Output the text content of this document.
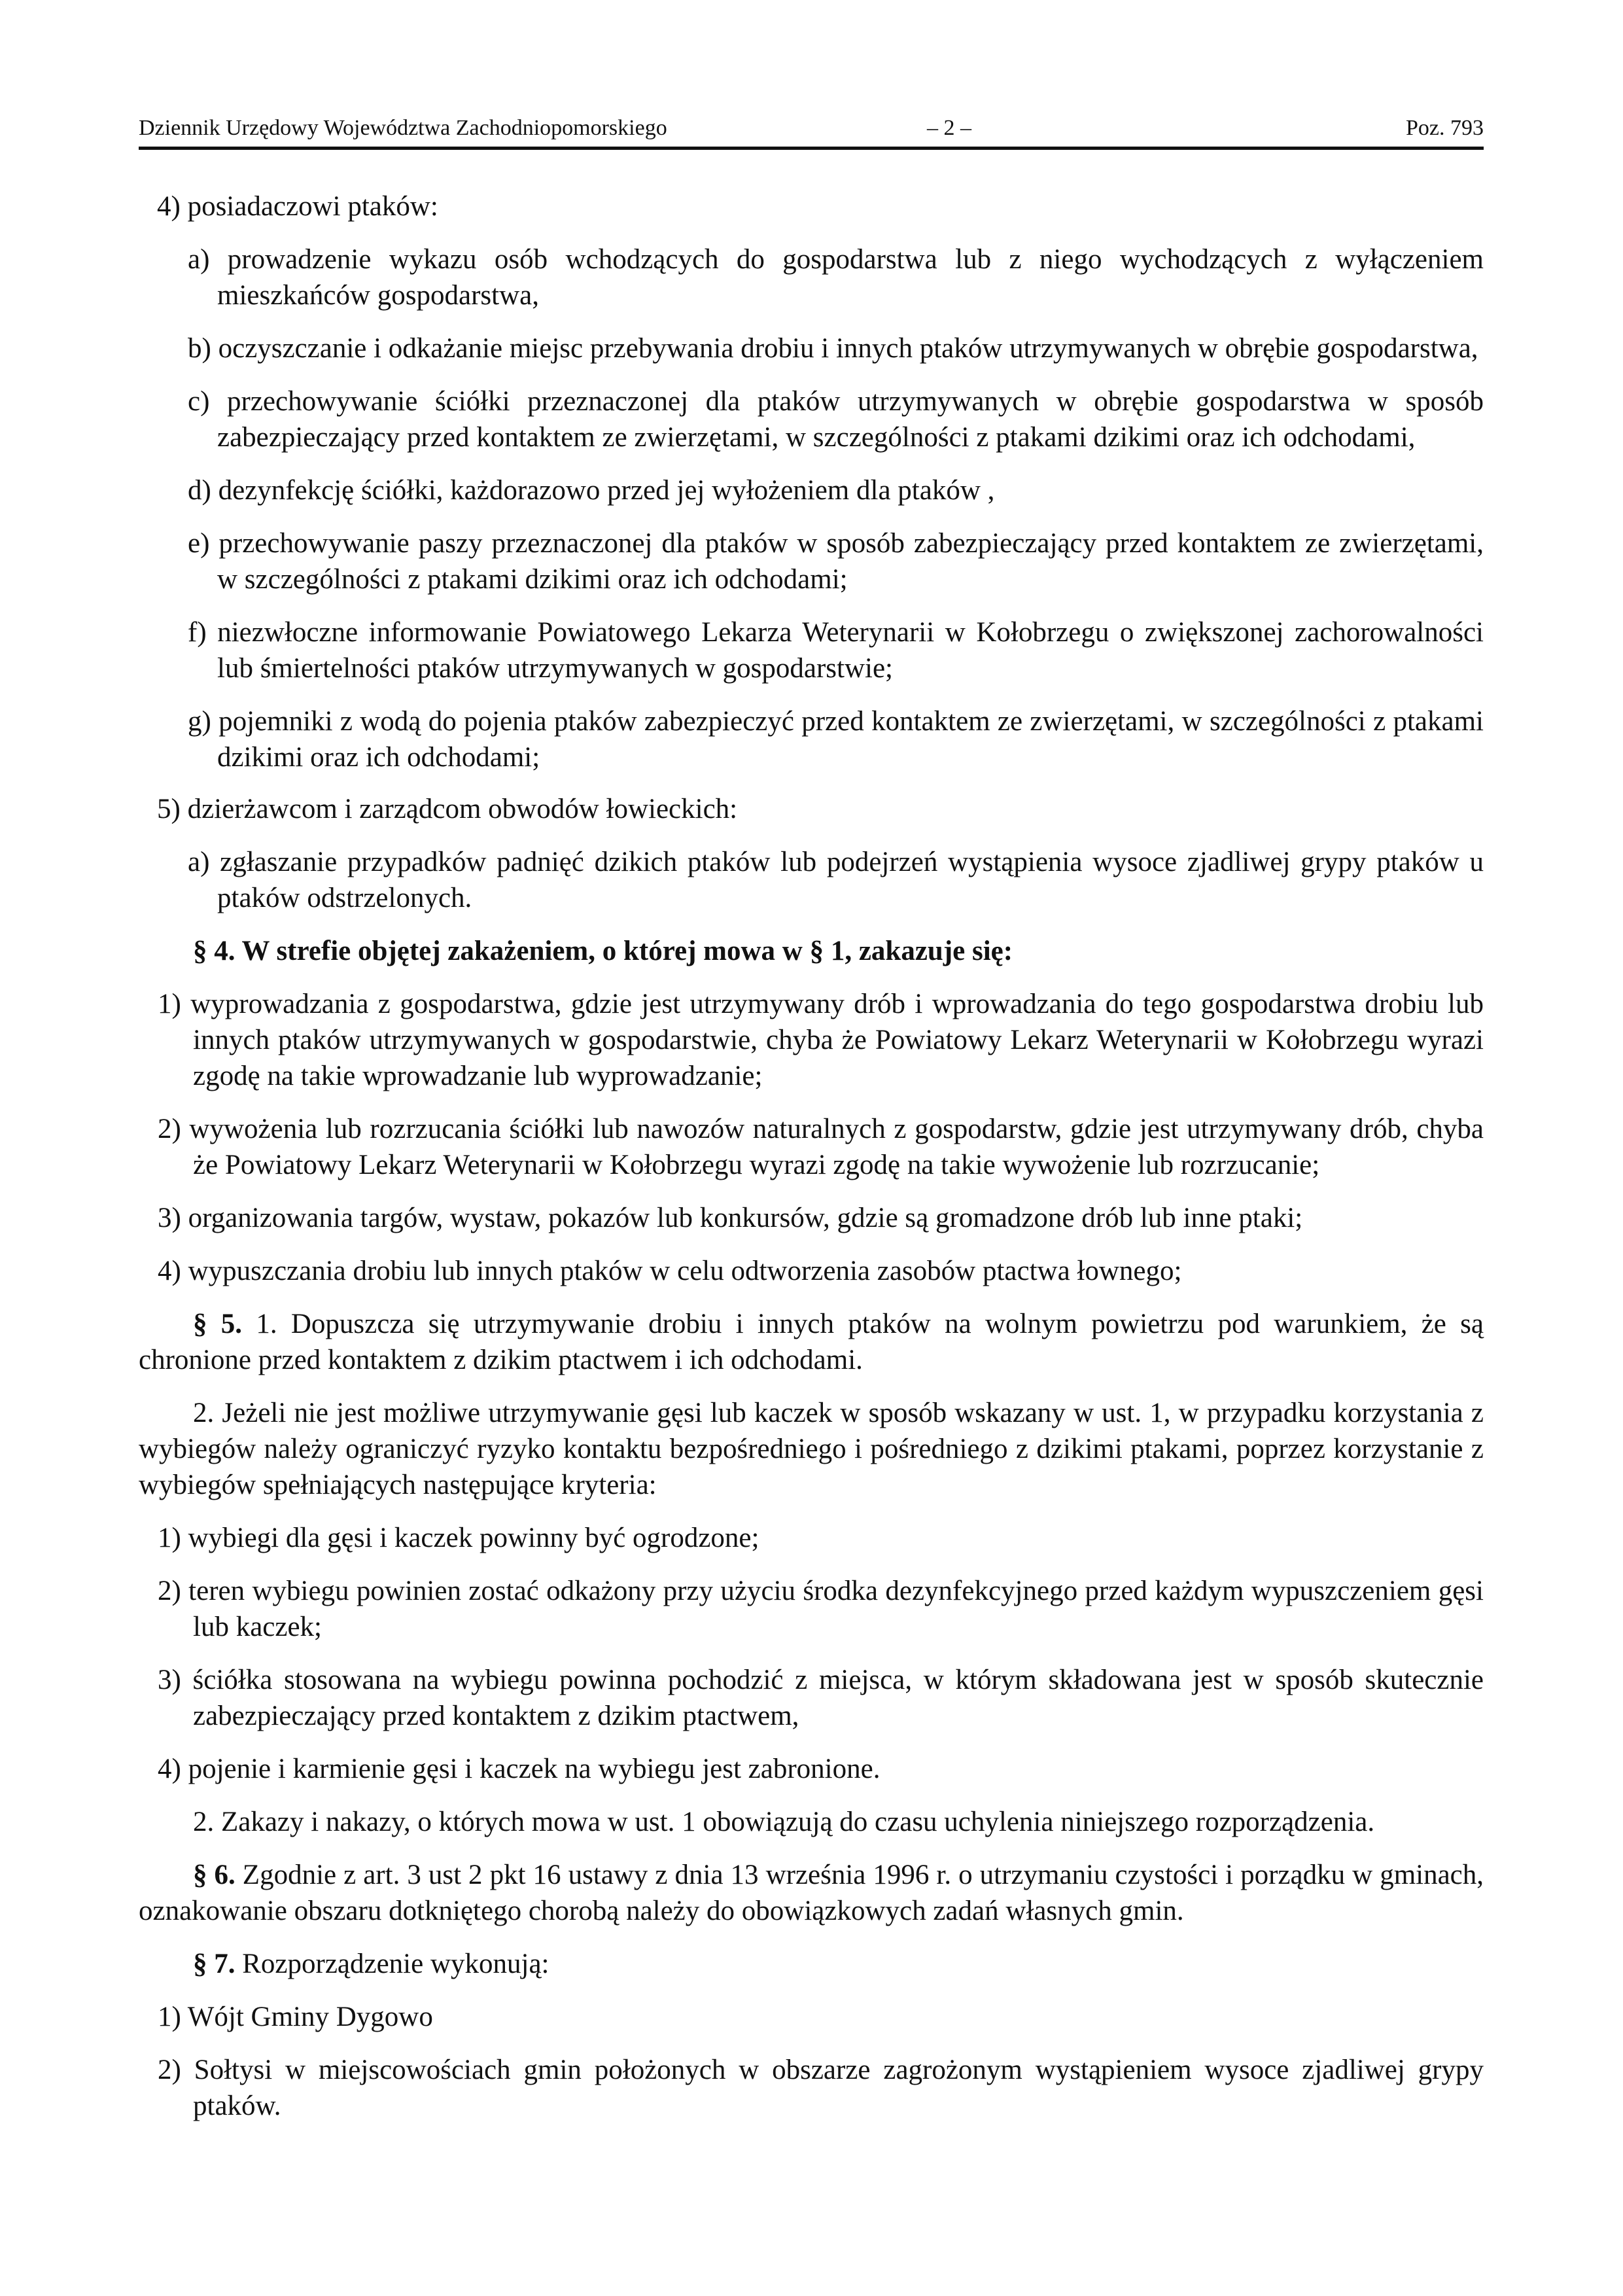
Dziennik Urzędowy Województwa Zachodniopomorskiego	– 2 –	Poz. 793

4) posiadaczowi ptaków:

a) prowadzenie wykazu osób wchodzących do gospodarstwa lub z niego wychodzących z wyłączeniem mieszkańców gospodarstwa,

b) oczyszczanie i odkażanie miejsc przebywania drobiu i innych ptaków utrzymywanych w obrębie gospodarstwa,

c) przechowywanie ściółki przeznaczonej dla ptaków utrzymywanych w obrębie gospodarstwa w sposób zabezpieczający przed kontaktem ze zwierzętami, w szczególności z ptakami dzikimi oraz ich odchodami,

d) dezynfekcję ściółki, każdorazowo przed jej wyłożeniem dla ptaków ,

e) przechowywanie paszy przeznaczonej dla ptaków w sposób zabezpieczający przed kontaktem ze zwierzętami, w szczególności z ptakami dzikimi oraz ich odchodami;

f) niezwłoczne informowanie Powiatowego Lekarza Weterynarii w Kołobrzegu o zwiększonej zachorowalności lub śmiertelności ptaków utrzymywanych w gospodarstwie;

g) pojemniki z wodą do pojenia ptaków zabezpieczyć przed kontaktem ze zwierzętami, w szczególności z ptakami dzikimi oraz ich odchodami;

5) dzierżawcom i zarządcom obwodów łowieckich:

a) zgłaszanie przypadków padnięć dzikich ptaków lub podejrzeń wystąpienia wysoce zjadliwej grypy ptaków u ptaków odstrzelonych.

§ 4. W strefie objętej zakażeniem, o której mowa w § 1, zakazuje się:

1) wyprowadzania z gospodarstwa, gdzie jest utrzymywany drób i wprowadzania do tego gospodarstwa drobiu lub innych ptaków utrzymywanych w gospodarstwie, chyba że Powiatowy Lekarz Weterynarii w Kołobrzegu wyrazi zgodę na takie wprowadzanie lub wyprowadzanie;

2) wywożenia lub rozrzucania ściółki lub nawozów naturalnych z gospodarstw, gdzie jest utrzymywany drób, chyba że Powiatowy Lekarz Weterynarii w Kołobrzegu wyrazi zgodę na takie wywożenie lub rozrzucanie;

3) organizowania targów, wystaw, pokazów lub konkursów, gdzie są gromadzone drób lub inne ptaki;

4) wypuszczania drobiu lub innych ptaków w celu odtworzenia zasobów ptactwa łownego;

§ 5. 1. Dopuszcza się utrzymywanie drobiu i innych ptaków na wolnym powietrzu pod warunkiem, że są chronione przed kontaktem z dzikim ptactwem i ich odchodami.

2. Jeżeli nie jest możliwe utrzymywanie gęsi lub kaczek w sposób wskazany w ust. 1, w przypadku korzystania z wybiegów należy ograniczyć ryzyko kontaktu bezpośredniego i pośredniego z dzikimi ptakami, poprzez korzystanie z wybiegów spełniających następujące kryteria:

1) wybiegi dla gęsi i kaczek powinny być ogrodzone;

2) teren wybiegu powinien zostać odkażony przy użyciu środka dezynfekcyjnego przed każdym wypuszczeniem gęsi lub kaczek;

3) ściółka stosowana na wybiegu powinna pochodzić z miejsca, w którym składowana jest w sposób skutecznie zabezpieczający przed kontaktem z dzikim ptactwem,

4) pojenie i karmienie gęsi i kaczek na wybiegu jest zabronione.

2. Zakazy i nakazy, o których mowa w ust. 1 obowiązują do czasu uchylenia niniejszego rozporządzenia.

§ 6. Zgodnie z art. 3 ust 2 pkt 16 ustawy z dnia 13 września 1996 r. o utrzymaniu czystości i porządku w gminach, oznakowanie obszaru dotkniętego chorobą należy do obowiązkowych zadań własnych gmin.

§ 7. Rozporządzenie wykonują:

1) Wójt Gminy Dygowo

2) Sołtysi w miejscowościach gmin położonych w obszarze zagrożonym wystąpieniem wysoce zjadliwej grypy ptaków.
